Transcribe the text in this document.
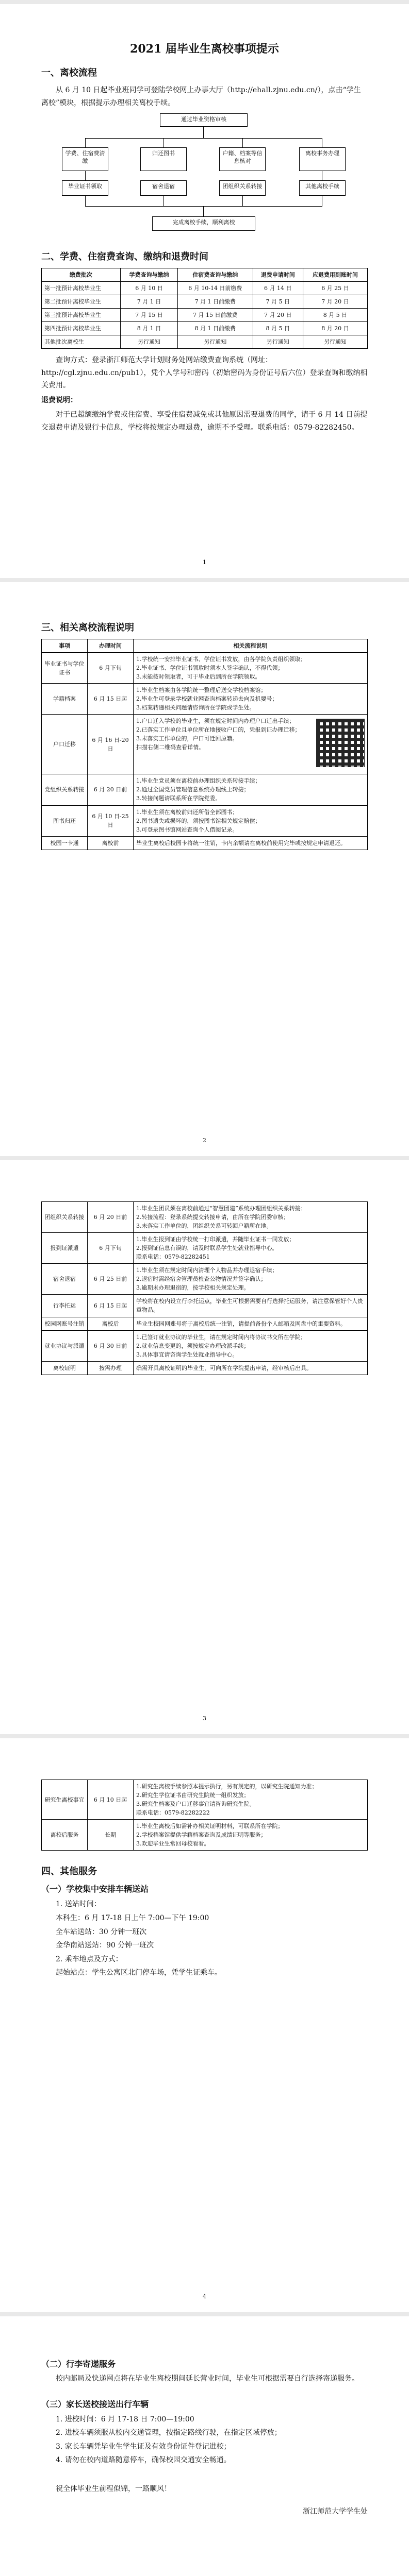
2021 届毕业生离校事项提示
一、离校流程

从 6 月 10 日起毕业班同学可登陆学校网上办事大厅（http://ehall.zjnu.edu.cn/），点击“学生离校”模块，根据提示办理相关离校手续。

通过毕业资格审核
学费、住宿费清缴
归还图书	户籍、档案等信息核对
离校事务办理
毕业证书领取	宿舍退宿	团组织关系转接	其他离校手续
完成离校手续，顺利离校
二、学费、住宿费查询、缴纳和退费时间
缴费批次	学费查询与缴纳	住宿费查询与缴纳	退费申请时间	应退费用到账时间
第一批预计离校毕业生	6 月 10 日	6 月 10-14 日前缴费	6 月 14 日	6 月 25 日
第二批预计离校毕业生	7 月 1 日	7 月 1 日前缴费	7 月 5 日	7 月 20 日
第三批预计离校毕业生	7 月 15 日	7 月 15 日前缴费	7 月 20 日	8 月 5 日
第四批预计离校毕业生	8 月 1 日	8 月 1 日前缴费	8 月 5 日	8 月 20 日
其他批次离校生	另行通知	另行通知	另行通知	另行通知

查询方式：登录浙江师范大学计划财务处网站缴费查询系统（网址：http://cgl.zjnu.edu.cn/pub1），凭个人学号和密码（初始密码为身份证号后六位）登录查询和缴纳相关费用。

退费说明：

对于已超额缴纳学费或住宿费、享受住宿费减免或其他原因需要退费的同学，请于 6 月 14 日前提交退费申请及银行卡信息，学校将按规定办理退费，逾期不予受理。联系电话：0579-82282450。

1
三、相关离校流程说明
事项	办理时间	相关流程说明
毕业证书与学位证书	6 月下旬	1.学校统一安排毕业证书、学位证书发放，由各学院负责组织领取；
2.毕业证书、学位证书领取时须本人签字确认，不得代领；
3.未能按时领取者，可于毕业后到所在学院领取。
学籍档案	6 月 15 日起	1.毕业生档案由各学院统一整理后送交学校档案馆；
2.毕业生可登录学校就业网查询档案转递去向及机要号；
3.档案转递相关问题请咨询所在学院或学生处。
户口迁移	6 月 16 日-20 日	1.户口迁入学校的毕业生，须在规定时间内办理户口迁出手续；
2.已落实工作单位且单位所在地接收户口的，凭报到证办理迁移；
3.未落实工作单位的，户口可迁回原籍。
扫描右侧二维码查看详情。
党组织关系转接	6 月 20 日前	1.毕业生党员须在离校前办理组织关系转接手续；
2.通过全国党员管理信息系统办理线上转接；
3.转接问题请联系所在学院党委。
图书归还	6 月 10 日-25 日	1.毕业生须在离校前归还所借全部图书；
2.图书遗失或损坏的，须按图书馆相关规定赔偿；
3.可登录图书馆网站查询个人借阅记录。
校园一卡通	离校前	毕业生离校后校园卡将统一注销，卡内余额请在离校前使用完毕或按规定申请退还。
2
团组织关系转接	6 月 20 日前	1.毕业生团员须在离校前通过“智慧团建”系统办理团组织关系转接；
2.转接流程：登录系统提交转接申请，由所在学院团委审核；
3.未落实工作单位的，团组织关系可转回户籍所在地。
报到证派遣	6 月下旬	1.毕业生报到证由学校统一打印派遣，并随毕业证书一同发放；
2.报到证信息有误的，请及时联系学生处就业指导中心。
联系电话：0579-82282451
宿舍退宿	6 月 25 日前	1.毕业生须在规定时间内清理个人物品并办理退宿手续；
2.退宿时需经宿舍管理员检查公物情况并签字确认；
3.逾期未办理退宿的，按学校相关规定处理。
行李托运	6 月 15 日起	学校将在校内设立行李托运点，毕业生可根据需要自行选择托运服务，请注意保管好个人贵重物品。
校园网账号注销	离校后	毕业生校园网账号将于离校后统一注销，请提前备份个人邮箱及网盘中的重要资料。
就业协议与派遣	6 月 30 日前	1.已签订就业协议的毕业生，请在规定时间内将协议书交所在学院；
2.就业信息变更的，须按规定办理改派手续；
3.具体事宜请咨询学生处就业指导中心。
离校证明	按需办理	确需开具离校证明的毕业生，可向所在学院提出申请，经审核后出具。
3
研究生离校事宜	6 月 10 日起	1.研究生离校手续参照本提示执行，另有规定的，以研究生院通知为准；
2.研究生学位证书由研究生院统一组织发放；
3.研究生档案及户口迁移事宜请咨询研究生院。
联系电话：0579-82282222
离校后服务	长期	1.毕业生离校后如需补办相关证明材料，可联系所在学院；
2.学校档案馆提供学籍档案查询及成绩证明等服务；
3.欢迎毕业生常回母校看看。
四、其他服务
（一）学校集中安排车辆送站
1. 送站时间：
本科生：6 月 17-18 日上午 7:00—下午 19:00
全车站送站：30 分钟一班次
金华南站送站：90 分钟一班次
2. 乘车地点及方式：
起始站点：学生公寓区北门停车场，凭学生证乘车。
4
（二）行李寄递服务

校内邮局及快递网点将在毕业生离校期间延长营业时间，毕业生可根据需要自行选择寄递服务。

（三）家长送校接送出行车辆
1. 进校时间：6 月 17-18 日 7:00—19:00
2. 进校车辆须服从校内交通管理，按指定路线行驶，在指定区域停放；
3. 家长车辆凭毕业生学生证及有效身份证件登记进校；
4. 请勿在校内道路随意停车，确保校园交通安全畅通。

祝全体毕业生前程似锦，一路顺风！

浙江师范大学学生处
